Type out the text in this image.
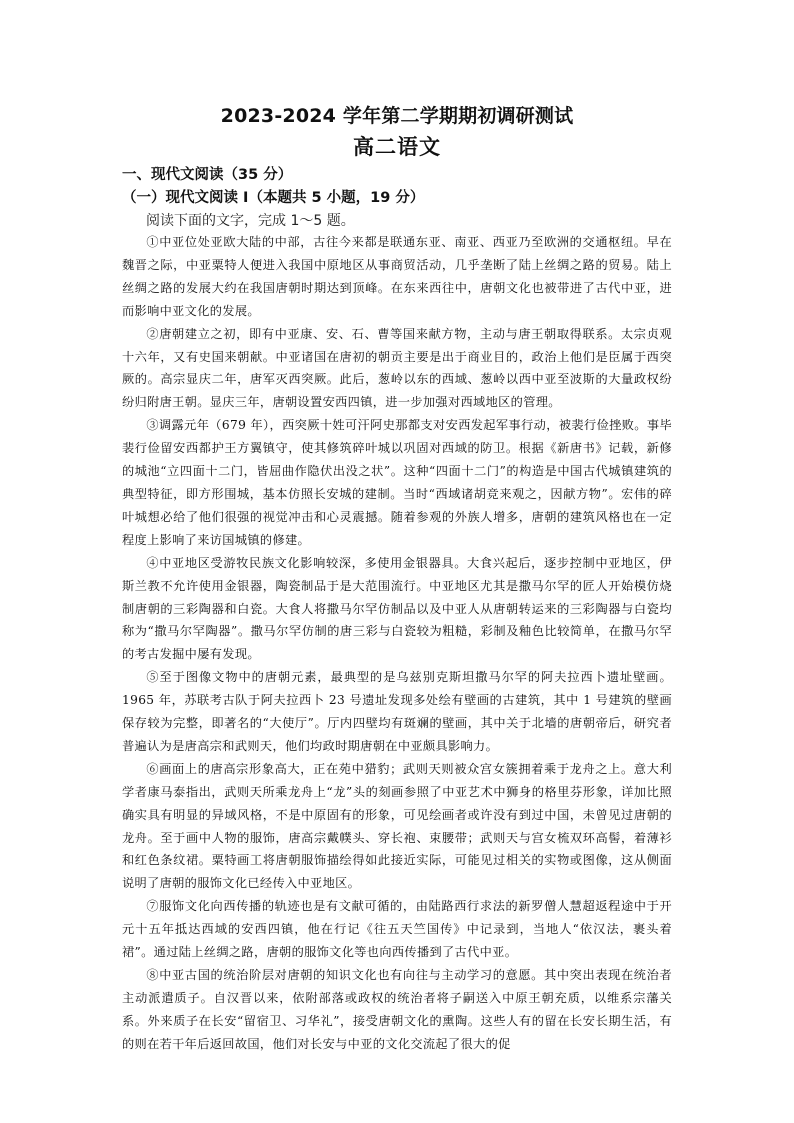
2023-2024 学年第二学期期初调研测试
高二语文
一、现代文阅读（35 分）
（一）现代文阅读 I（本题共 5 小题，19 分）
阅读下面的文字，完成 1～5 题。

①中亚位处亚欧大陆的中部，古往今来都是联通东亚、南亚、西亚乃至欧洲的交通枢纽。早在魏晋之际，中亚粟特人便进入我国中原地区从事商贸活动，几乎垄断了陆上丝绸之路的贸易。陆上丝绸之路的发展大约在我国唐朝时期达到顶峰。在东来西往中，唐朝文化也被带进了古代中亚，进而影响中亚文化的发展。

②唐朝建立之初，即有中亚康、安、石、曹等国来献方物，主动与唐王朝取得联系。太宗贞观十六年，又有史国来朝献。中亚诸国在唐初的朝贡主要是出于商业目的，政治上他们是臣属于西突厥的。高宗显庆二年，唐军灭西突厥。此后，葱岭以东的西域、葱岭以西中亚至波斯的大量政权纷纷归附唐王朝。显庆三年，唐朝设置安西四镇，进一步加强对西域地区的管理。

③调露元年（679 年），西突厥十姓可汗阿史那都支对安西发起军事行动，被裴行俭挫败。事毕裴行俭留安西都护王方翼镇守，使其修筑碎叶城以巩固对西域的防卫。根据《新唐书》记载，新修的城池“立四面十二门，皆屈曲作隐伏出没之状”。这种“四面十二门”的构造是中国古代城镇建筑的典型特征，即方形围城，基本仿照长安城的建制。当时“西域诸胡竞来观之，因献方物”。宏伟的碎叶城想必给了他们很强的视觉冲击和心灵震撼。随着参观的外族人增多，唐朝的建筑风格也在一定程度上影响了来访国城镇的修建。

④中亚地区受游牧民族文化影响较深，多使用金银器具。大食兴起后，逐步控制中亚地区，伊斯兰教不允许使用金银器，陶瓷制品于是大范围流行。中亚地区尤其是撒马尔罕的匠人开始模仿烧制唐朝的三彩陶器和白瓷。大食人将撒马尔罕仿制品以及中亚人从唐朝转运来的三彩陶器与白瓷均称为“撒马尔罕陶器”。撒马尔罕仿制的唐三彩与白瓷较为粗糙，彩制及釉色比较简单，在撒马尔罕的考古发掘中屡有发现。

⑤至于图像文物中的唐朝元素，最典型的是乌兹别克斯坦撒马尔罕的阿夫拉西卜遗址壁画。1965 年，苏联考古队于阿夫拉西卜 23 号遗址发现多处绘有壁画的古建筑，其中 1 号建筑的壁画保存较为完整，即著名的“大使厅”。厅内四壁均有斑斓的壁画，其中关于北墙的唐朝帝后，研究者普遍认为是唐高宗和武则天，他们均政时期唐朝在中亚颇具影响力。

⑥画面上的唐高宗形象高大，正在苑中猎豹；武则天则被众宫女簇拥着乘于龙舟之上。意大利学者康马泰指出，武则天所乘龙舟上“龙”头的刻画参照了中亚艺术中狮身的格里芬形象，详加比照确实具有明显的异域风格，不是中原固有的形象，可见绘画者或许没有到过中国，未曾见过唐朝的龙舟。至于画中人物的服饰，唐高宗戴幞头、穿长袍、束腰带；武则天与宫女梳双环高髻，着薄衫和红色条纹裙。粟特画工将唐朝服饰描绘得如此接近实际，可能见过相关的实物或图像，这从侧面说明了唐朝的服饰文化已经传入中亚地区。

⑦服饰文化向西传播的轨迹也是有文献可循的，由陆路西行求法的新罗僧人慧超返程途中于开元十五年抵达西域的安西四镇，他在行记《往五天竺国传》中记录到，当地人“依汉法，裹头着裙”。通过陆上丝绸之路，唐朝的服饰文化等也向西传播到了古代中亚。

⑧中亚古国的统治阶层对唐朝的知识文化也有向往与主动学习的意愿。其中突出表现在统治者主动派遣质子。自汉晋以来，依附部落或政权的统治者将子嗣送入中原王朝充质，以维系宗藩关系。外来质子在长安“留宿卫、习华礼”，接受唐朝文化的熏陶。这些人有的留在长安长期生活，有的则在若干年后返回故国，他们对长安与中亚的文化交流起了很大的促
